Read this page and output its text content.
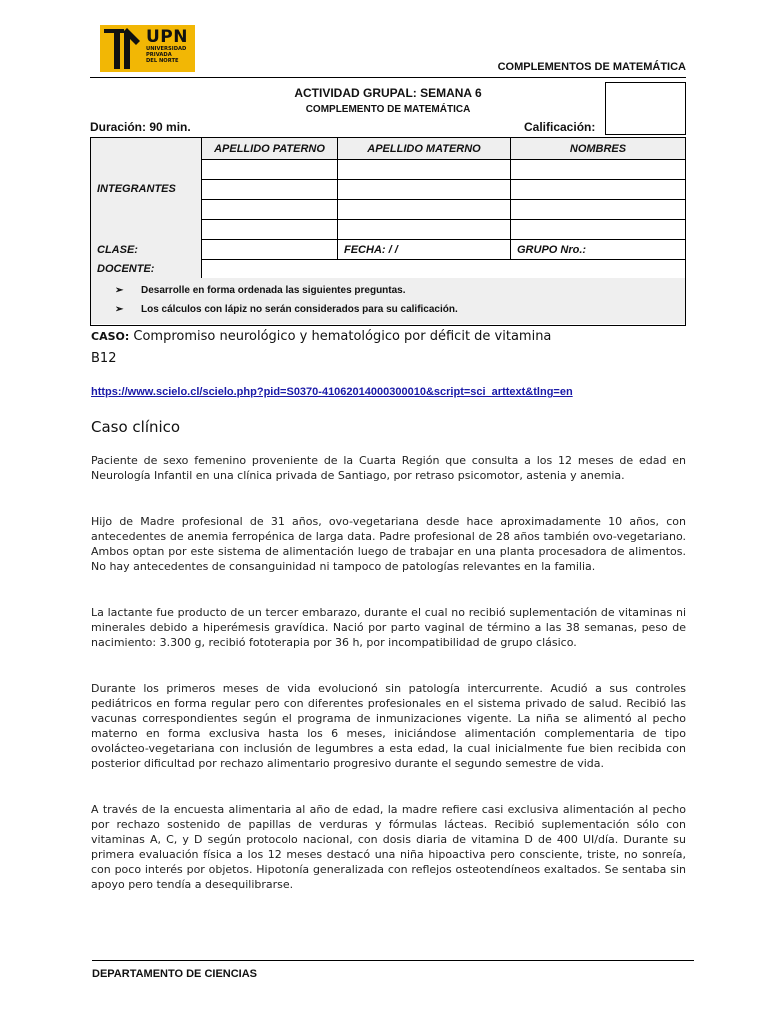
UPN
UNIVERSIDAD
PRIVADA
DEL NORTE	COMPLEMENTOS DE MATEMÁTICA
ACTIVIDAD GRUPAL: SEMANA 6
COMPLEMENTO DE MATEMÁTICA
Duración: 90 min.	Calificación:
INTEGRANTES	APELLIDO PATERNO	APELLIDO MATERNO	NOMBRES

CLASE:		FECHA: / /	GRUPO Nro.:
DOCENTE:			
➢ Desarrolle en forma ordenada las siguientes preguntas.
➢ Los cálculos con lápiz no serán considerados para su calificación.
CASO: Compromiso neurológico y hematológico por déficit de vitamina
B12
https://www.scielo.cl/scielo.php?pid=S0370-41062014000300010&script=sci_arttext&tlng=en
Caso clínico
Paciente de sexo femenino proveniente de la Cuarta Región que consulta a los 12 meses de edad en Neurología Infantil en una clínica privada de Santiago, por retraso psicomotor, astenia y anemia.
Hijo de Madre profesional de 31 años, ovo-vegetariana desde hace aproximadamente 10 años, con antecedentes de anemia ferropénica de larga data. Padre profesional de 28 años también ovo-vegetariano. Ambos optan por este sistema de alimentación luego de trabajar en una planta procesadora de alimentos. No hay antecedentes de consanguinidad ni tampoco de patologías relevantes en la familia.
La lactante fue producto de un tercer embarazo, durante el cual no recibió suplementación de vitaminas ni minerales debido a hiperémesis gravídica. Nació por parto vaginal de término a las 38 semanas, peso de nacimiento: 3.300 g, recibió fototerapia por 36 h, por incompatibilidad de grupo clásico.
Durante los primeros meses de vida evolucionó sin patología intercurrente. Acudió a sus controles pediátricos en forma regular pero con diferentes profesionales en el sistema privado de salud. Recibió las vacunas correspondientes según el programa de inmunizaciones vigente. La niña se alimentó al pecho materno en forma exclusiva hasta los 6 meses, iniciándose alimentación complementaria de tipo ovolácteo-vegetariana con inclusión de legumbres a esta edad, la cual inicialmente fue bien recibida con posterior dificultad por rechazo alimentario progresivo durante el segundo semestre de vida.
A través de la encuesta alimentaria al año de edad, la madre refiere casi exclusiva alimentación al pecho por rechazo sostenido de papillas de verduras y fórmulas lácteas. Recibió suplementación sólo con vitaminas A, C, y D según protocolo nacional, con dosis diaria de vitamina D de 400 UI/día. Durante su primera evaluación física a los 12 meses destacó una niña hipoactiva pero consciente, triste, no sonreía, con poco interés por objetos. Hipotonía generalizada con reflejos osteotendíneos exaltados. Se sentaba sin apoyo pero tendía a desequilibrarse.
DEPARTAMENTO DE CIENCIAS
